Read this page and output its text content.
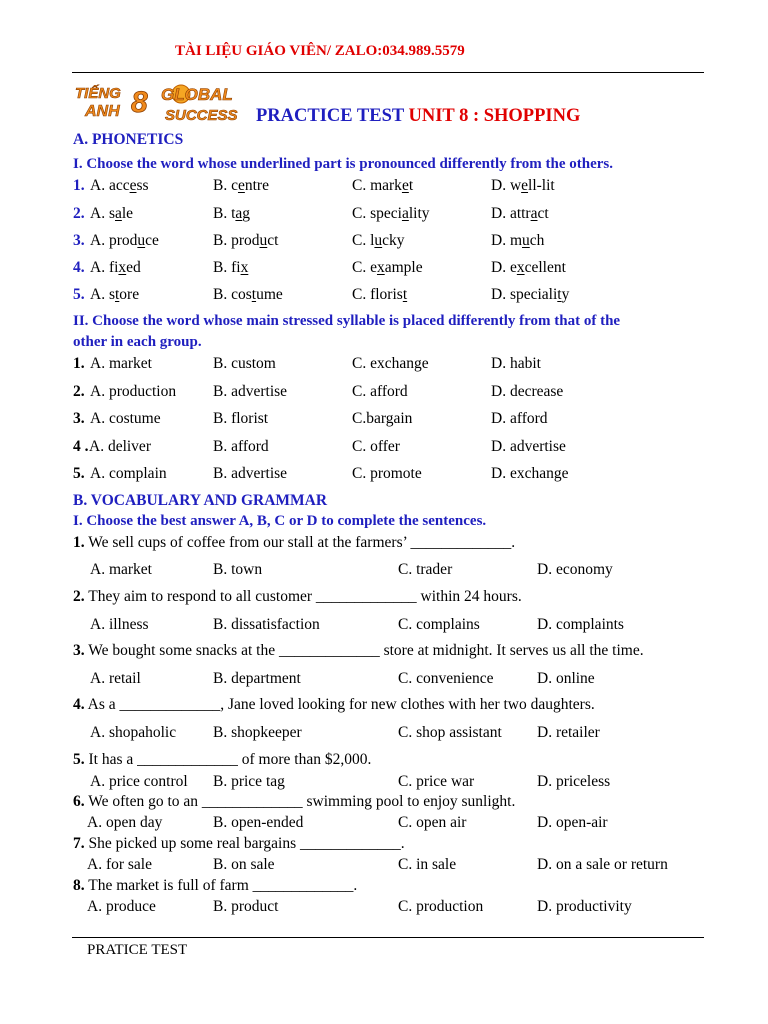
TÀI LIỆU GIÁO VIÊN/ ZALO:034.989.5579
TIẾNG
ANH 8 GLOBAL
SUCCESS PRACTICE TEST UNIT 8 : SHOPPING
A. PHONETICS
I. Choose the word whose underlined part is pronounced differently from the others.
1. A. access	B. centre	C. market	D. well-lit
2. A. sale	B. tag	C. speciality	D. attract
3. A. produce	B. product	C. lucky	D. much
4. A. fixed	B. fix	C. example	D. excellent
5. A. store	B. costume	C. florist	D. speciality
II. Choose the word whose main stressed syllable is placed differently from that of the
other in each group.
1. A. market	B. custom	C. exchange	D. habit
2. A. production B. advertise	C. afford	D. decrease
3. A. costume	B. florist	C.bargain	D. afford
4 . A. deliver	B. afford	C. offer	D. advertise
5. A. complain	B. advertise	C. promote	D. exchange
B. VOCABULARY AND GRAMMAR
I. Choose the best answer A, B, C or D to complete the sentences.
1. We sell cups of coffee from our stall at the farmers’ _____________.
A. market	B. town	C. trader	D. economy
2. They aim to respond to all customer _____________ within 24 hours.
A. illness	B. dissatisfaction	C. complains	D. complaints
3. We bought some snacks at the _____________ store at midnight. It serves us all the time.
A. retail	B. department	C. convenience	D. online
4. As a _____________, Jane loved looking for new clothes with her two daughters.
A. shopaholic B. shopkeeper	C. shop assistant D. retailer
5. It has a _____________ of more than $2,000.
A. price control B. price tag	C. price war	D. priceless
6. We often go to an _____________ swimming pool to enjoy sunlight.
A. open day	B. open-ended	C. open air	D. open-air
7. She picked up some real bargains _____________.
A. for sale	B. on sale	C. in sale	D. on a sale or return
8. The market is full of farm _____________.
A. produce	B. product	C. production	D. productivity
PRATICE TEST
